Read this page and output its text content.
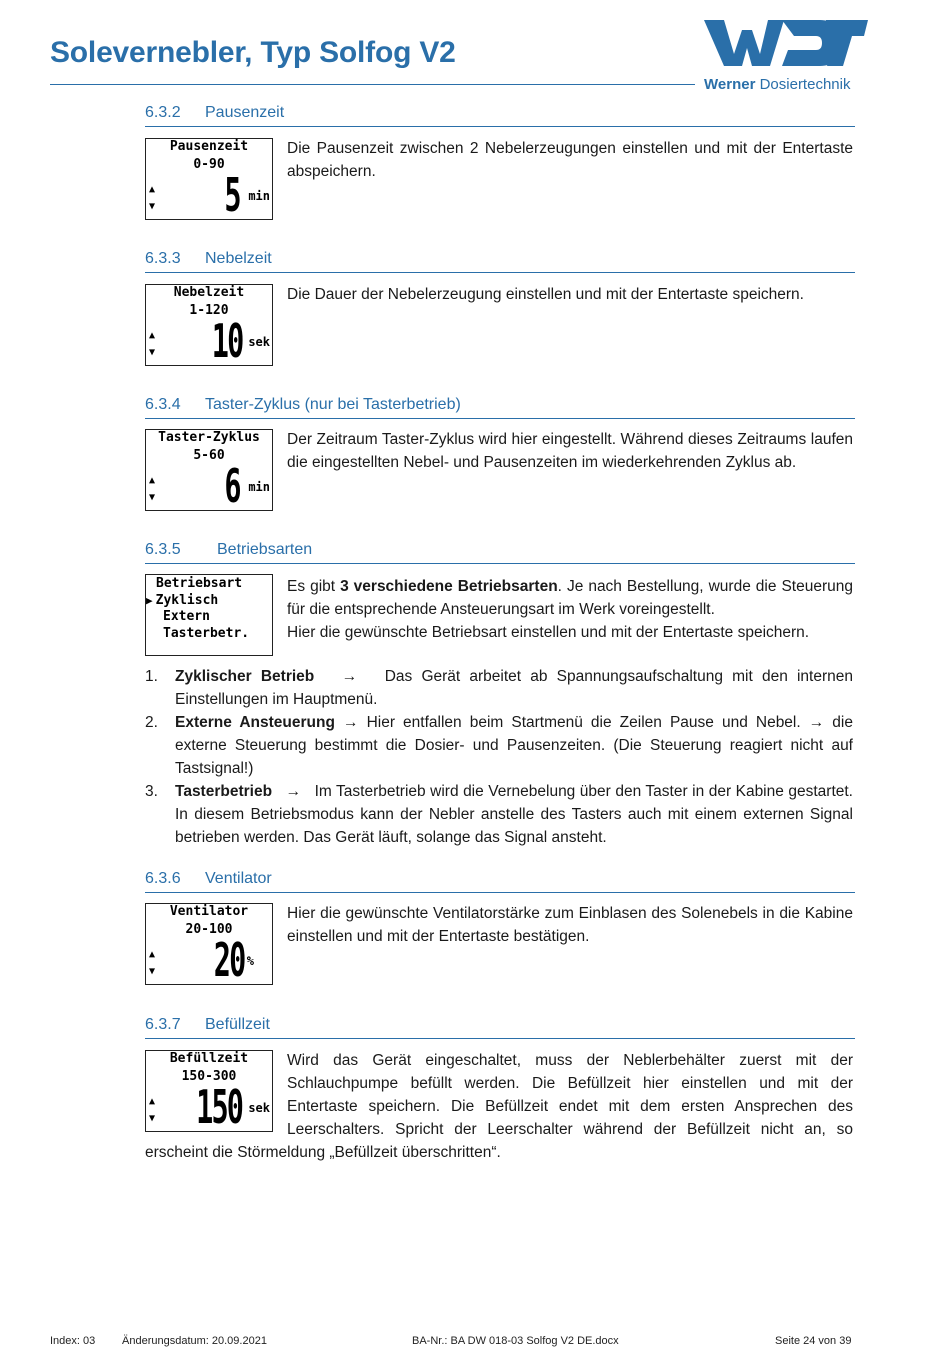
Solevernebler, Typ Solfog V2
Werner Dosiertechnik
6.3.2 Pausenzeit
Pausenzeit
0-90
▲
▼ 5 min
Die Pausenzeit zwischen 2 Nebelerzeugungen einstellen und mit der Entertaste abspeichern.
6.3.3 Nebelzeit
Nebelzeit
1-120
▲
▼ 10 sek
Die Dauer der Nebelerzeugung einstellen und mit der Entertaste speichern.
6.3.4 Taster-Zyklus (nur bei Tasterbetrieb)
Taster-Zyklus
5-60
▲
▼ 6 min
Der Zeitraum Taster-Zyklus wird hier eingestellt. Während dieses Zeitraums laufen die eingestellten Nebel- und Pausenzeiten im wiederkehrenden Zyklus ab.
6.3.5 Betriebsarten
Betriebsart
▶ Zyklisch
Extern
Tasterbetr.
Es gibt 3 verschiedene Betriebsarten. Je nach Bestellung, wurde die Steuerung für die entsprechende Ansteuerungsart im Werk voreingestellt.
Hier die gewünschte Betriebsart einstellen und mit der Entertaste speichern.
1. Zyklischer Betrieb → Das Gerät arbeitet ab Spannungsaufschaltung mit den internen Einstellungen im Hauptmenü.
2. Externe Ansteuerung → Hier entfallen beim Startmenü die Zeilen Pause und Nebel. → die externe Steuerung bestimmt die Dosier- und Pausenzeiten. (Die Steuerung reagiert nicht auf Tastsignal!)
3. Tasterbetrieb → Im Tasterbetrieb wird die Vernebelung über den Taster in der Kabine gestartet. In diesem Betriebsmodus kann der Nebler anstelle des Tasters auch mit einem externen Signal betrieben werden. Das Gerät läuft, solange das Signal ansteht.
6.3.6 Ventilator
Ventilator
20-100
▲
▼ 20 %
Hier die gewünschte Ventilatorstärke zum Einblasen des Solenebels in die Kabine einstellen und mit der Entertaste bestätigen.
6.3.7 Befüllzeit
Befüllzeit
150-300
▲
▼ 150 sek
Wird das Gerät eingeschaltet, muss der Neblerbehälter zuerst mit der Schlauchpumpe befüllt werden. Die Befüllzeit hier einstellen und mit der Entertaste speichern. Die Befüllzeit endet mit dem ersten Ansprechen des Leerschalters. Spricht der Leerschalter während der Befüllzeit nicht an, so erscheint die Störmeldung „Befüllzeit überschritten“.
Index: 03 Änderungsdatum: 20.09.2021	BA-Nr.: BA DW 018-03 Solfog V2 DE.docx	Seite 24 von 39
